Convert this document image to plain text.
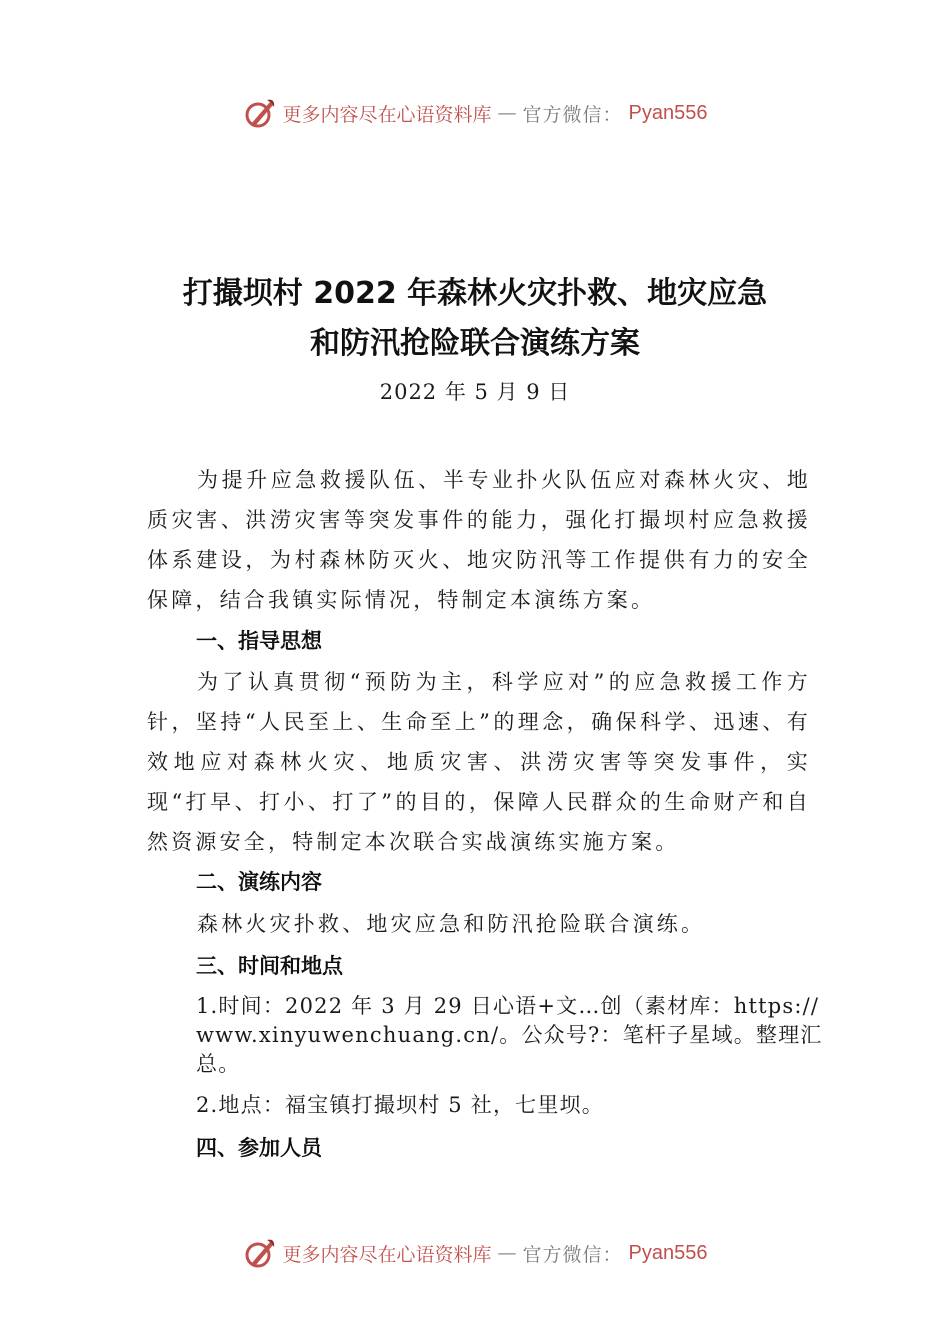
更多内容尽在心语资料库 — 官方微信： Pyan556
打撮坝村 2022 年森林火灾扑救、地灾应急
和防汛抢险联合演练方案
2022 年 5 月 9 日

为提升应急救援队伍、半专业扑火队伍应对森林火灾、地质灾害、洪涝灾害等突发事件的能力，强化打撮坝村应急救援体系建设，为村森林防灭火、地灾防汛等工作提供有力的安全保障，结合我镇实际情况，特制定本演练方案。

一、指导思想

为了认真贯彻“预防为主，科学应对”的应急救援工作方针，坚持“人民至上、生命至上”的理念，确保科学、迅速、有效地应对森林火灾、地质灾害、洪涝灾害等突发事件，实现“打早、打小、打了”的目的，保障人民群众的生命财产和自然资源安全，特制定本次联合实战演练实施方案。

二、演练内容

森林火灾扑救、地灾应急和防汛抢险联合演练。

三、时间和地点
1.时间：2022 年 3 月 29 日心语+文…创（素材库：https://www.xinyuwenchuang.cn/。公众号?：笔杆子星域。整理汇总。
2.地点：福宝镇打撮坝村 5 社，七里坝。
四、参加人员
更多内容尽在心语资料库 — 官方微信： Pyan556
